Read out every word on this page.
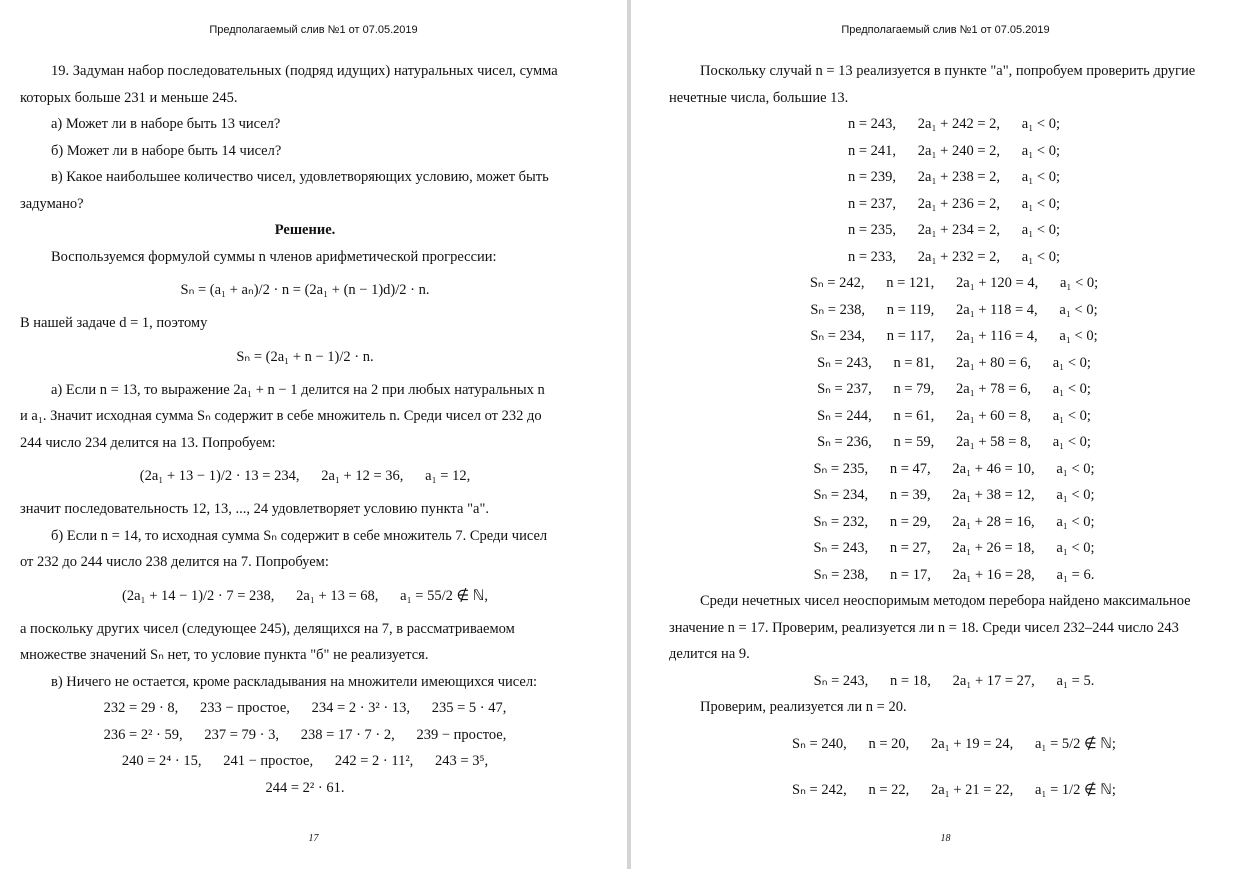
Предполагаемый слив №1 от 07.05.2019
19. Задуман набор последовательных (подряд идущих) натуральных чисел, сумма
которых больше 231 и меньше 245.
а) Может ли в наборе быть 13 чисел?
б) Может ли в наборе быть 14 чисел?
в) Какое наибольшее количество чисел, удовлетворяющих условию, может быть
задумано?
Решение.
Воспользуемся формулой суммы n членов арифметической прогрессии:
Sₙ = (a₁ + aₙ)/2 · n = (2a₁ + (n − 1)d)/2 · n.
В нашей задаче d = 1, поэтому
Sₙ = (2a₁ + n − 1)/2 · n.
а) Если n = 13, то выражение 2a₁ + n − 1 делится на 2 при любых натуральных n
и a₁. Значит исходная сумма Sₙ содержит в себе множитель n. Среди чисел от 232 до
244 число 234 делится на 13. Попробуем:
(2a₁ + 13 − 1)/2 · 13 = 234,      2a₁ + 12 = 36,      a₁ = 12,
значит последовательность 12, 13, ..., 24 удовлетворяет условию пункта "а".
б) Если n = 14, то исходная сумма Sₙ содержит в себе множитель 7. Среди чисел
от 232 до 244 число 238 делится на 7. Попробуем:
(2a₁ + 14 − 1)/2 · 7 = 238,      2a₁ + 13 = 68,      a₁ = 55/2 ∉ ℕ,
а поскольку других чисел (следующее 245), делящихся на 7, в рассматриваемом
множестве значений Sₙ нет, то условие пункта "б" не реализуется.
в) Ничего не остается, кроме раскладывания на множители имеющихся чисел:
232 = 29 · 8,      233 − простое,      234 = 2 · 3² · 13,      235 = 5 · 47,
236 = 2² · 59,      237 = 79 · 3,      238 = 17 · 7 · 2,      239 − простое,
240 = 2⁴ · 15,      241 − простое,      242 = 2 · 11²,      243 = 3⁵,
244 = 2² · 61.
17
Предполагаемый слив №1 от 07.05.2019
Поскольку случай n = 13 реализуется в пункте "а", попробуем проверить другие
нечетные числа, большие 13.
n = 243,      2a₁ + 242 = 2,      a₁ < 0;
n = 241,      2a₁ + 240 = 2,      a₁ < 0;
n = 239,      2a₁ + 238 = 2,      a₁ < 0;
n = 237,      2a₁ + 236 = 2,      a₁ < 0;
n = 235,      2a₁ + 234 = 2,      a₁ < 0;
n = 233,      2a₁ + 232 = 2,      a₁ < 0;
Sₙ = 242,      n = 121,      2a₁ + 120 = 4,      a₁ < 0;
Sₙ = 238,      n = 119,      2a₁ + 118 = 4,      a₁ < 0;
Sₙ = 234,      n = 117,      2a₁ + 116 = 4,      a₁ < 0;
Sₙ = 243,      n = 81,      2a₁ + 80 = 6,      a₁ < 0;
Sₙ = 237,      n = 79,      2a₁ + 78 = 6,      a₁ < 0;
Sₙ = 244,      n = 61,      2a₁ + 60 = 8,      a₁ < 0;
Sₙ = 236,      n = 59,      2a₁ + 58 = 8,      a₁ < 0;
Sₙ = 235,      n = 47,      2a₁ + 46 = 10,      a₁ < 0;
Sₙ = 234,      n = 39,      2a₁ + 38 = 12,      a₁ < 0;
Sₙ = 232,      n = 29,      2a₁ + 28 = 16,      a₁ < 0;
Sₙ = 243,      n = 27,      2a₁ + 26 = 18,      a₁ < 0;
Sₙ = 238,      n = 17,      2a₁ + 16 = 28,      a₁ = 6.
Среди нечетных чисел неоспоримым методом перебора найдено максимальное
значение n = 17. Проверим, реализуется ли n = 18. Среди чисел 232–244 число 243
делится на 9.
Sₙ = 243,      n = 18,      2a₁ + 17 = 27,      a₁ = 5.
Проверим, реализуется ли n = 20.
Sₙ = 240,      n = 20,      2a₁ + 19 = 24,      a₁ = 5/2 ∉ ℕ;
Sₙ = 242,      n = 22,      2a₁ + 21 = 22,      a₁ = 1/2 ∉ ℕ;
18
